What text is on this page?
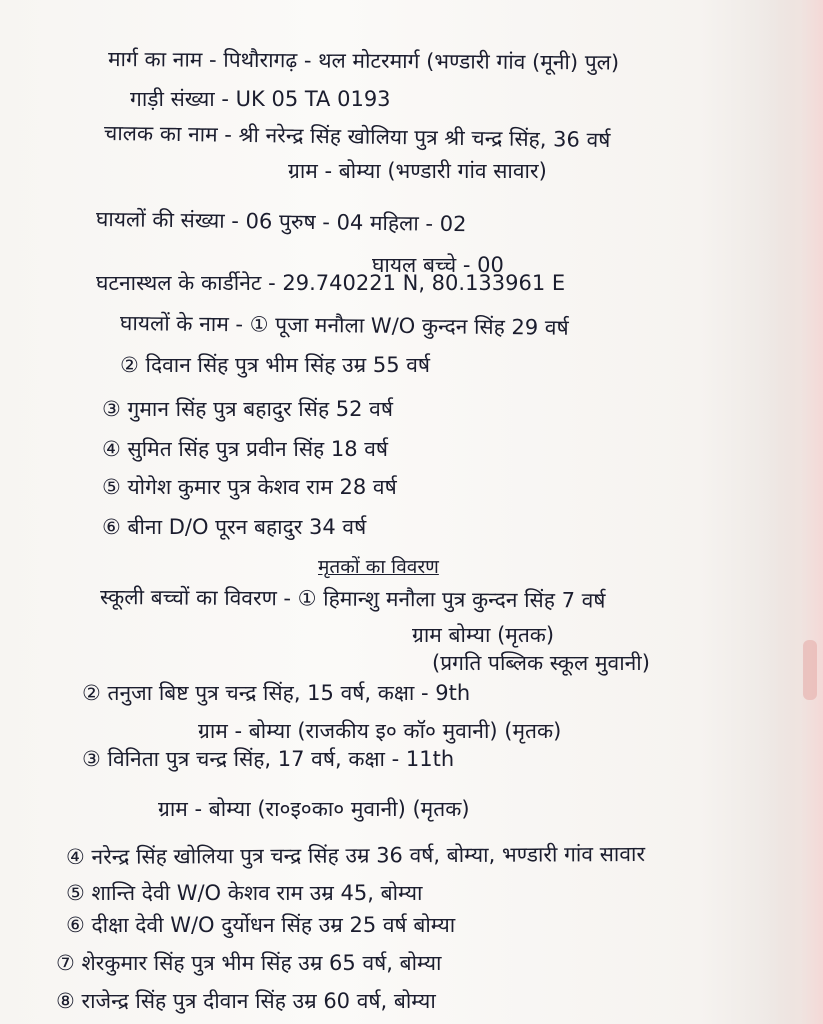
मार्ग का नाम - पिथौरागढ़ - थल मोटरमार्ग (भण्डारी गांव (मूनी) पुल)
गाड़ी संख्या - UK 05 TA 0193
चालक का नाम - श्री नरेन्द्र सिंह खोलिया पुत्र श्री चन्द्र सिंह, 36 वर्ष
ग्राम - बोम्या (भण्डारी गांव सावार)
घायलों की संख्या - 06 पुरुष - 04 महिला - 02
घायल बच्चे - 00
घटनास्थल के कार्डीनेट - 29.740221 N, 80.133961 E
घायलों के नाम - ① पूजा मनौला W/O कुन्दन सिंह 29 वर्ष
② दिवान सिंह पुत्र भीम सिंह उम्र 55 वर्ष
③ गुमान सिंह पुत्र बहादुर सिंह 52 वर्ष
④ सुमित सिंह पुत्र प्रवीन सिंह 18 वर्ष
⑤ योगेश कुमार पुत्र केशव राम 28 वर्ष
⑥ बीना D/O पूरन बहादुर 34 वर्ष
मृतकों का विवरण
स्कूली बच्चों का विवरण - ① हिमान्शु मनौला पुत्र कुन्दन सिंह 7 वर्ष
ग्राम बोम्या (मृतक)
(प्रगति पब्लिक स्कूल मुवानी)
② तनुजा बिष्ट पुत्र चन्द्र सिंह, 15 वर्ष, कक्षा - 9th
ग्राम - बोम्या (राजकीय इ० कॉ० मुवानी) (मृतक)
③ विनिता पुत्र चन्द्र सिंह, 17 वर्ष, कक्षा - 11th
ग्राम - बोम्या (रा०इ०का० मुवानी) (मृतक)
④ नरेन्द्र सिंह खोलिया पुत्र चन्द्र सिंह उम्र 36 वर्ष, बोम्या, भण्डारी गांव सावार
⑤ शान्ति देवी W/O केशव राम उम्र 45, बोम्या
⑥ दीक्षा देवी W/O दुर्योधन सिंह उम्र 25 वर्ष बोम्या
⑦ शेरकुमार सिंह पुत्र भीम सिंह उम्र 65 वर्ष, बोम्या
⑧ राजेन्द्र सिंह पुत्र दीवान सिंह उम्र 60 वर्ष, बोम्या
